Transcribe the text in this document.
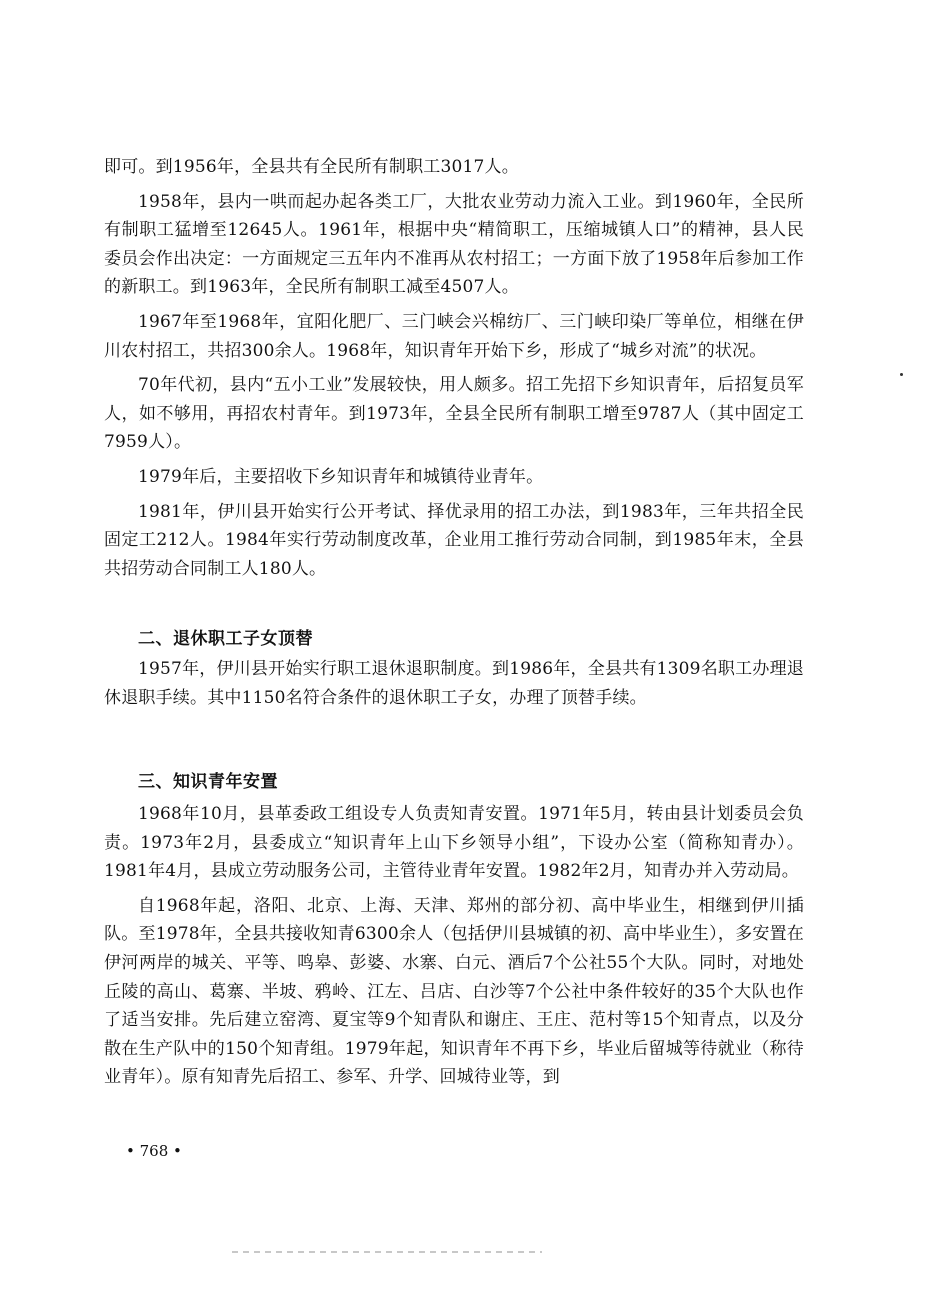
即可。到1956年，全县共有全民所有制职工3017人。

1958年，县内一哄而起办起各类工厂，大批农业劳动力流入工业。到1960年，全民所有制职工猛增至12645人。1961年，根据中央“精简职工，压缩城镇人口”的精神，县人民委员会作出决定：一方面规定三五年内不准再从农村招工；一方面下放了1958年后参加工作的新职工。到1963年，全民所有制职工减至4507人。

1967年至1968年，宜阳化肥厂、三门峡会兴棉纺厂、三门峡印染厂等单位，相继在伊川农村招工，共招300余人。1968年，知识青年开始下乡，形成了“城乡对流”的状况。

70年代初，县内“五小工业”发展较快，用人颇多。招工先招下乡知识青年，后招复员军人，如不够用，再招农村青年。到1973年，全县全民所有制职工增至9787人（其中固定工7959人）。

1979年后，主要招收下乡知识青年和城镇待业青年。

1981年，伊川县开始实行公开考试、择优录用的招工办法，到1983年，三年共招全民固定工212人。1984年实行劳动制度改革，企业用工推行劳动合同制，到1985年末，全县共招劳动合同制工人180人。

二、退休职工子女顶替

1957年，伊川县开始实行职工退休退职制度。到1986年，全县共有1309名职工办理退休退职手续。其中1150名符合条件的退休职工子女，办理了顶替手续。

三、知识青年安置

1968年10月，县革委政工组设专人负责知青安置。1971年5月，转由县计划委员会负责。1973年2月，县委成立“知识青年上山下乡领导小组”，下设办公室（简称知青办）。1981年4月，县成立劳动服务公司，主管待业青年安置。1982年2月，知青办并入劳动局。

自1968年起，洛阳、北京、上海、天津、郑州的部分初、高中毕业生，相继到伊川插队。至1978年，全县共接收知青6300余人（包括伊川县城镇的初、高中毕业生），多安置在伊河两岸的城关、平等、鸣皋、彭婆、水寨、白元、酒后7个公社55个大队。同时，对地处丘陵的高山、葛寨、半坡、鸦岭、江左、吕店、白沙等7个公社中条件较好的35个大队也作了适当安排。先后建立窑湾、夏宝等9个知青队和谢庄、王庄、范村等15个知青点，以及分散在生产队中的150个知青组。1979年起，知识青年不再下乡，毕业后留城等待就业（称待业青年）。原有知青先后招工、参军、升学、回城待业等，到

• 768 •
